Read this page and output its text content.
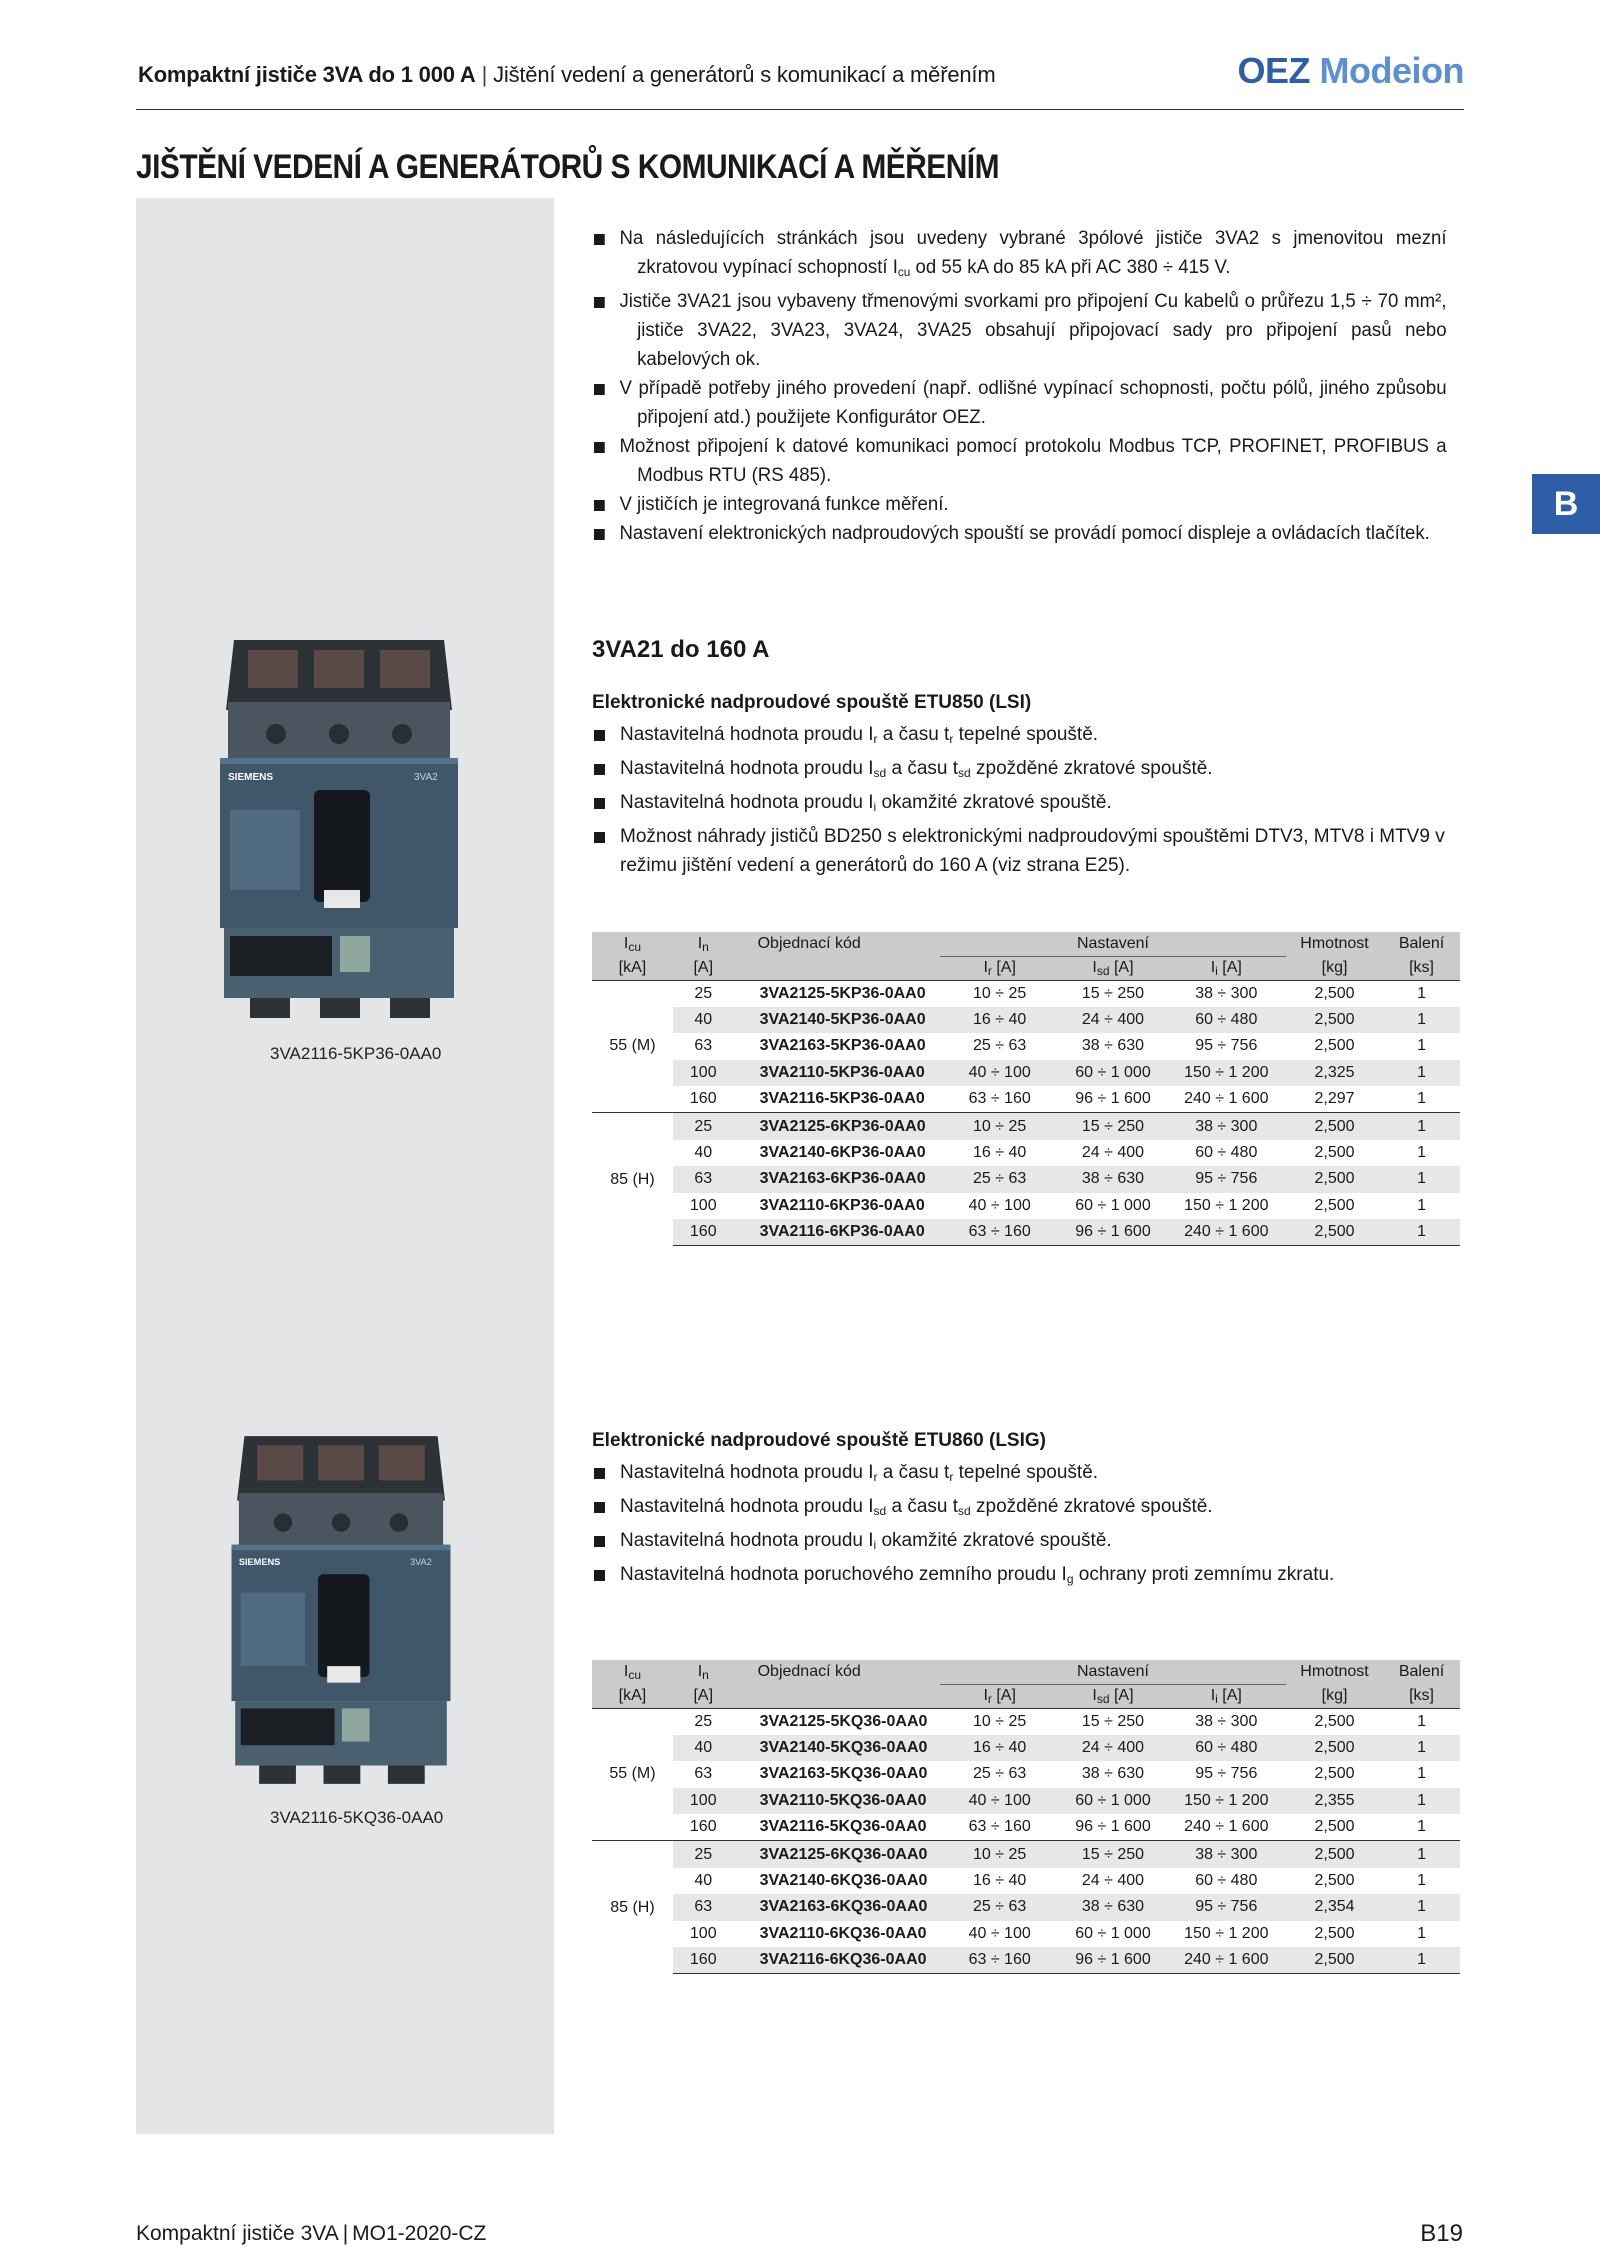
Kompaktní jističe 3VA do 1 000 A | Jištění vedení a generátorů s komunikací a měřením	OEZ Modeion
JIŠTĚNÍ VEDENÍ A GENERÁTORŮ S KOMUNIKACÍ A MĚŘENÍM
B
Na následujících stránkách jsou uvedeny vybrané 3pólové jističe 3VA2 s jmenovitou mezní zkratovou vypínací schopností $I_{cu}$ od 55 kA do 85 kA při AC 380 ÷ 415 V.
Jističe 3VA21 jsou vybaveny třmenovými svorkami pro připojení Cu kabelů o průřezu 1,5 ÷ 70 mm², jističe 3VA22, 3VA23, 3VA24, 3VA25 obsahují připojovací sady pro připojení pasů nebo kabelových ok.
V případě potřeby jiného provedení (např. odlišné vypínací schopnosti, počtu pólů, jiného způsobu připojení atd.) použijete Konfigurátor OEZ.
Možnost připojení k datové komunikaci pomocí protokolu Modbus TCP, PROFINET, PROFIBUS a Modbus RTU (RS 485).
V jističích je integrovaná funkce měření.
Nastavení elektronických nadproudových spouští se provádí pomocí displeje a ovládacích tlačítek.
3VA21 do 160 A
Elektronické nadproudové spouště ETU850 (LSI)
Nastavitelná hodnota proudu $I_r$ a času $t_r$ tepelné spouště.
Nastavitelná hodnota proudu $I_{sd}$ a času $t_{sd}$ zpožděné zkratové spouště.
Nastavitelná hodnota proudu $I_i$ okamžité zkratové spouště.
Možnost náhrady jističů BD250 s elektronickými nadproudovými spouštěmi DTV3, MTV8 i MTV9 v režimu jištění vedení a generátorů do 160 A (viz strana E25).
Elektronické nadproudové spouště ETU860 (LSIG)
Nastavitelná hodnota proudu $I_r$ a času $t_r$ tepelné spouště.
Nastavitelná hodnota proudu $I_{sd}$ a času $t_{sd}$ zpožděné zkratové spouště.
Nastavitelná hodnota proudu $I_i$ okamžité zkratové spouště.
Nastavitelná hodnota poruchového zemního proudu $I_g$ ochrany proti zemnímu zkratu.
SIEMENS	3VA2
3VA2116-5KP36-0AA0
SIEMENS	3VA2
3VA2116-5KQ36-0AA0
$I_{cu}$	$I_n$	Objednací kód	Nastavení			Hmotnost	Balení
[kA]	[A]		$I_r$ [A]	$I_{sd}$ [A]	$I_i$ [A]	[kg]	[ks]
55 (M)	25	3VA2125-5KP36-0AA0	10 ÷ 25	15 ÷ 250	38 ÷ 300	2,500	1
	40	3VA2140-5KP36-0AA0	16 ÷ 40	24 ÷ 400	60 ÷ 480	2,500	1
	63	3VA2163-5KP36-0AA0	25 ÷ 63	38 ÷ 630	95 ÷ 756	2,500	1
	100	3VA2110-5KP36-0AA0	40 ÷ 100	60 ÷ 1 000	150 ÷ 1 200	2,325	1
	160	3VA2116-5KP36-0AA0	63 ÷ 160	96 ÷ 1 600	240 ÷ 1 600	2,297	1
85 (H)	25	3VA2125-6KP36-0AA0	10 ÷ 25	15 ÷ 250	38 ÷ 300	2,500	1
	40	3VA2140-6KP36-0AA0	16 ÷ 40	24 ÷ 400	60 ÷ 480	2,500	1
	63	3VA2163-6KP36-0AA0	25 ÷ 63	38 ÷ 630	95 ÷ 756	2,500	1
	100	3VA2110-6KP36-0AA0	40 ÷ 100	60 ÷ 1 000	150 ÷ 1 200	2,500	1
	160	3VA2116-6KP36-0AA0	63 ÷ 160	96 ÷ 1 600	240 ÷ 1 600	2,500	1
$I_{cu}$	$I_n$	Objednací kód	Nastavení			Hmotnost	Balení
[kA]	[A]		$I_r$ [A]	$I_{sd}$ [A]	$I_i$ [A]	[kg]	[ks]
55 (M)	25	3VA2125-5KQ36-0AA0	10 ÷ 25	15 ÷ 250	38 ÷ 300	2,500	1
	40	3VA2140-5KQ36-0AA0	16 ÷ 40	24 ÷ 400	60 ÷ 480	2,500	1
	63	3VA2163-5KQ36-0AA0	25 ÷ 63	38 ÷ 630	95 ÷ 756	2,500	1
	100	3VA2110-5KQ36-0AA0	40 ÷ 100	60 ÷ 1 000	150 ÷ 1 200	2,355	1
	160	3VA2116-5KQ36-0AA0	63 ÷ 160	96 ÷ 1 600	240 ÷ 1 600	2,500	1
85 (H)	25	3VA2125-6KQ36-0AA0	10 ÷ 25	15 ÷ 250	38 ÷ 300	2,500	1
	40	3VA2140-6KQ36-0AA0	16 ÷ 40	24 ÷ 400	60 ÷ 480	2,500	1
	63	3VA2163-6KQ36-0AA0	25 ÷ 63	38 ÷ 630	95 ÷ 756	2,354	1
	100	3VA2110-6KQ36-0AA0	40 ÷ 100	60 ÷ 1 000	150 ÷ 1 200	2,500	1
	160	3VA2116-6KQ36-0AA0	63 ÷ 160	96 ÷ 1 600	240 ÷ 1 600	2,500	1
Kompaktní jističe 3VA | MO1-2020-CZ	B19
